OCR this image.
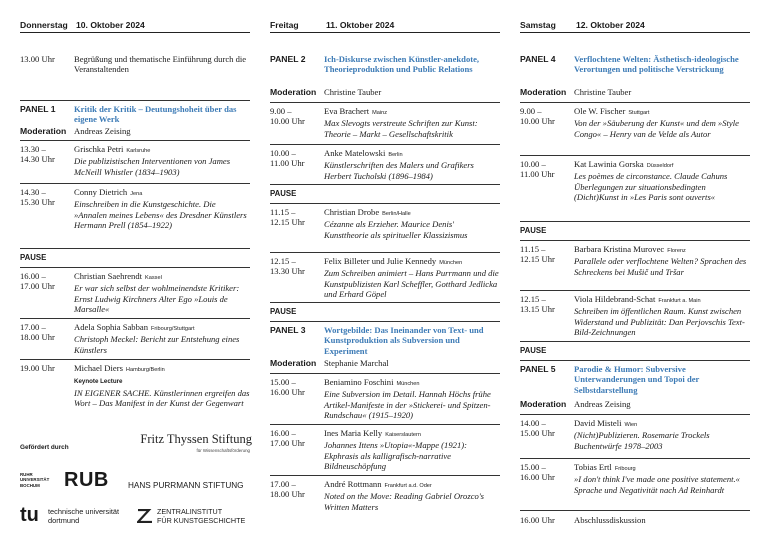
Donnerstag 10. Oktober 2024
13.00 Uhr	Begrüßung und thematische Einführung durch die Veranstaltenden
PANEL 1	Kritik der Kritik – Deutungshoheit über das eigene Werk
Moderation Andreas Zeising
13.30 –
14.30 Uhr
Grischka Petri Karlsruhe
Die publizistischen Interventionen von James McNeill Whistler (1834–1903)
14.30 –
15.30 Uhr
Conny Dietrich Jena
Einschreiben in die Kunstgeschichte. Die »Annalen meines Lebens« des Dresdner Künstlers Hermann Prell (1854–1922)
PAUSE
16.00 –
17.00 Uhr
Christian Saehrendt Kassel
Er war sich selbst der wohlmeinendste Kritiker: Ernst Ludwig Kirchners Alter Ego »Louis de Marsalle«
17.00 –
18.00 Uhr
Adela Sophia Sabban Fribourg/Stuttgart
Christoph Meckel: Bericht zur Entstehung eines Künstlers
19.00 Uhr	Michael Diers Hamburg/Berlin
Keynote Lecture
IN EIGENER SACHE. Künstlerinnen ergreifen das Wort – Das Manifest in der Kunst der Gegenwart
Gefördert durch
Fritz Thyssen Stiftung
für Wissenschaftsförderung
RUHR
UNIVERSITÄT
BOCHUM	RUB HANS PURRMANN STIFTUNG
tu technische universität
dortmund
ZENTRALINSTITUT
FÜR KUNSTGESCHICHTE
Freitag	11. Oktober 2024
PANEL 2	Ich-Diskurse zwischen Künstler-anekdote, Theorieproduktion und Public Relations
Moderation Christine Tauber
9.00 –
10.00 Uhr
Eva Brachert Mainz
Max Slevogts verstreute Schriften zur Kunst: Theorie – Markt – Gesellschaftskritik
10.00 –
11.00 Uhr
Anke Matelowski Berlin
Künstlerschriften des Malers und Grafikers Herbert Tucholski (1896–1984)
PAUSE
11.15 –
12.15 Uhr
Christian Drobe Berlin/Halle
Cézanne als Erzieher. Maurice Denis' Kunsttheorie als spiritueller Klassizismus
12.15 –
13.30 Uhr
Felix Billeter und Julie Kennedy München
Zum Schreiben animiert – Hans Purrmann und die Kunstpublizisten Karl Scheffler, Gotthard Jedlicka und Erhard Göpel
PAUSE
PANEL 3	Wortgebilde: Das Ineinander von Text- und Kunstproduktion als Subversion und Experiment
Moderation Stephanie Marchal
15.00 –
16.00 Uhr
Beniamino Foschini München
Eine Subversion im Detail. Hannah Höchs frühe Artikel-Manifeste in der »Stickerei- und Spitzen-Rundschau« (1915–1920)
16.00 –
17.00 Uhr
Ines Maria Kelly Kaiserslautern
Johannes Ittens »Utopia«-Mappe (1921): Ekphrasis als kalligrafisch-narrative Bildneuschöpfung
17.00 –
18.00 Uhr
André Rottmann Frankfurt a.d. Oder
Noted on the Move: Reading Gabriel Orozco's Written Matters
Samstag	12. Oktober 2024
PANEL 4	Verflochtene Welten: Ästhetisch-ideologische Verortungen und politische Verstrickung
Moderation Christine Tauber
9.00 –
10.00 Uhr
Ole W. Fischer Stuttgart
Von der »Säuberung der Kunst« und dem »Style Congo« – Henry van de Velde als Autor
10.00 –
11.00 Uhr
Kat Lawinia Gorska Düsseldorf
Les poèmes de circonstance. Claude Cahuns Überlegungen zur situationsbedingten (Dicht)Kunst in »Les Paris sont ouverts«
PAUSE
11.15 –
12.15 Uhr
Barbara Kristina Murovec Florenz
Parallele oder verflochtene Welten? Sprachen des Schreckens bei Mušič und Tršar
12.15 –
13.15 Uhr
Viola Hildebrand-Schat Frankfurt a. Main
Schreiben im öffentlichen Raum. Kunst zwischen Widerstand und Publizität: Dan Perjovschis Text-Bild-Zeichnungen
PAUSE
PANEL 5	Parodie & Humor: Subversive Unterwanderungen und Topoi der Selbstdarstellung
Moderation Andreas Zeising
14.00 –
15.00 Uhr
David Misteli Wien
(Nicht)Publizieren. Rosemarie Trockels Buchentwürfe 1978–2003
15.00 –
16.00 Uhr
Tobias Ertl Fribourg
»I don't think I've made one positive statement.« Sprache und Negativität nach Ad Reinhardt
16.00 Uhr	Abschlussdiskussion
